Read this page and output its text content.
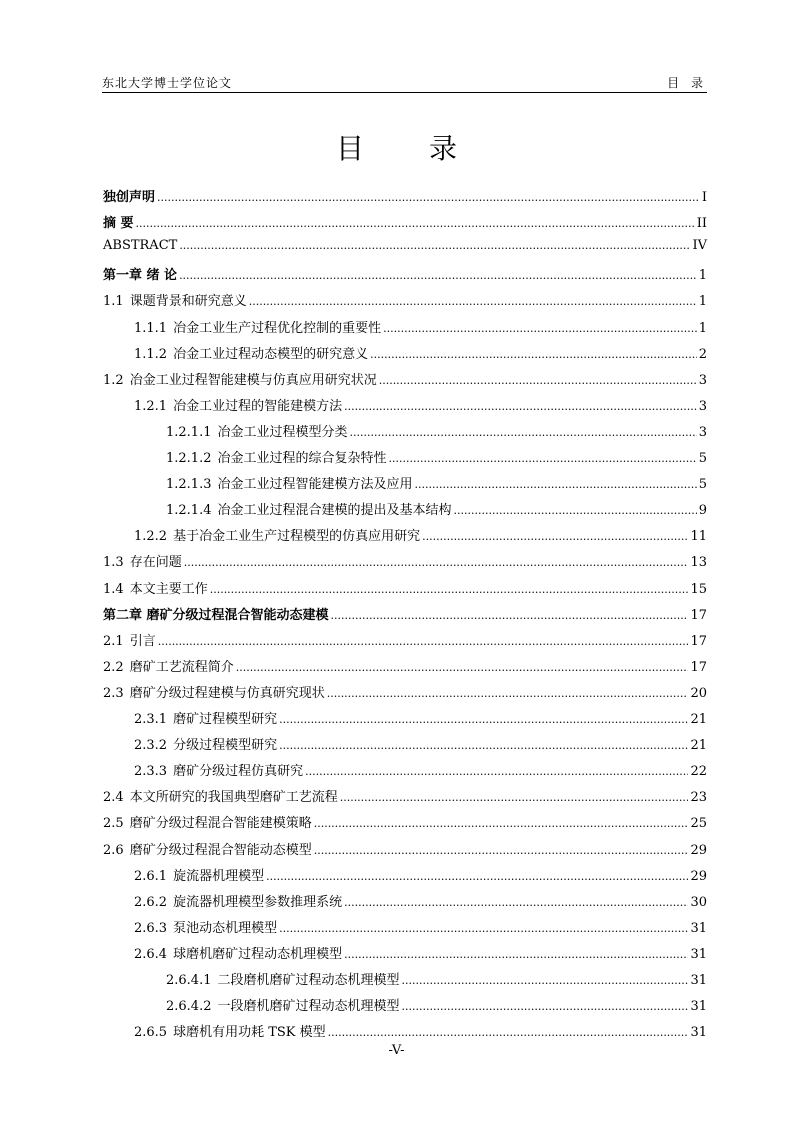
东北大学博士学位论文	目 录
目 录
独创声明 .....	I
摘 要 .....	II
ABSTRACT .....	IV
第一章 绪 论 .....	1
1.1 课题背景和研究意义 .....	1
1.1.1 冶金工业生产过程优化控制的重要性 .....	1
1.1.2 冶金工业过程动态模型的研究意义 .....	2
1.2 冶金工业过程智能建模与仿真应用研究状况 .....	3
1.2.1 冶金工业过程的智能建模方法 .....	3
1.2.1.1 冶金工业过程模型分类 .....	3
1.2.1.2 冶金工业过程的综合复杂特性 .....	5
1.2.1.3 冶金工业过程智能建模方法及应用 .....	5
1.2.1.4 冶金工业过程混合建模的提出及基本结构 .....	9
1.2.2 基于冶金工业生产过程模型的仿真应用研究 .....	11
1.3 存在问题 .....	13
1.4 本文主要工作 .....	15
第二章 磨矿分级过程混合智能动态建模 .....	17
2.1 引言 .....	17
2.2 磨矿工艺流程简介 .....	17
2.3 磨矿分级过程建模与仿真研究现状 .....	20
2.3.1 磨矿过程模型研究 .....	21
2.3.2 分级过程模型研究 .....	21
2.3.3 磨矿分级过程仿真研究 .....	22
2.4 本文所研究的我国典型磨矿工艺流程 .....	23
2.5 磨矿分级过程混合智能建模策略 .....	25
2.6 磨矿分级过程混合智能动态模型 .....	29
2.6.1 旋流器机理模型 .....	29
2.6.2 旋流器机理模型参数推理系统 .....	30
2.6.3 泵池动态机理模型 .....	31
2.6.4 球磨机磨矿过程动态机理模型 .....	31
2.6.4.1 二段磨机磨矿过程动态机理模型 .....	31
2.6.4.2 一段磨机磨矿过程动态机理模型 .....	31
2.6.5 球磨机有用功耗 TSK 模型 .....	31
-V-
